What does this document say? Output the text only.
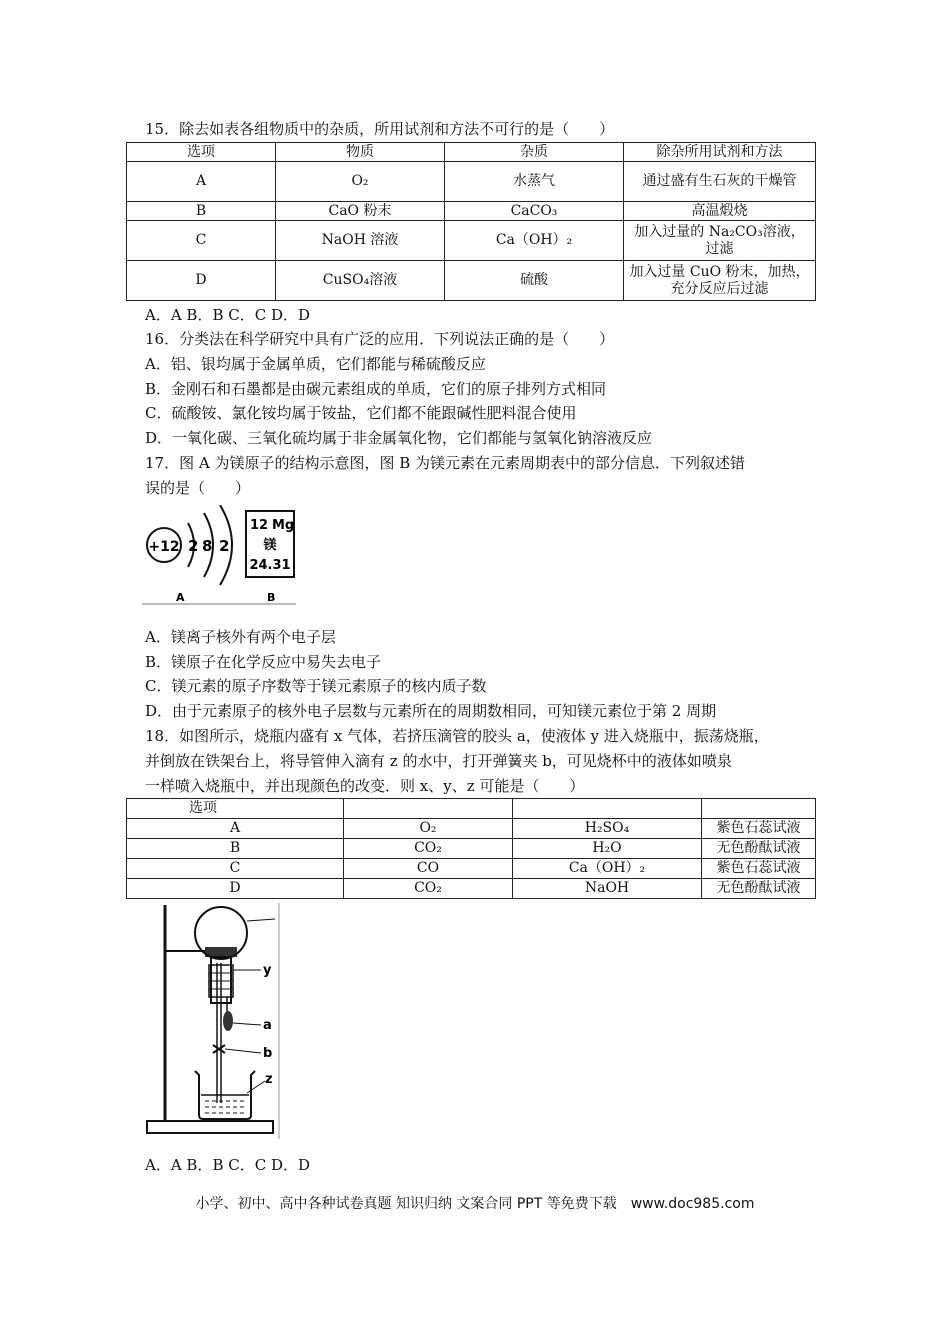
15．除去如表各组物质中的杂质，所用试剂和方法不可行的是（　　）
选项	物质	杂质	除杂所用试剂和方法
A	O₂	水蒸气	通过盛有生石灰的干燥管
B	CaO 粉末	CaCO₃	高温煅烧
C	NaOH 溶液	Ca（OH）₂	加入过量的 Na₂CO₃溶液，过滤
D	CuSO₄溶液	硫酸	加入过量 CuO 粉末，加热，充分反应后过滤
A．A B．B C．C D．D
16．分类法在科学研究中具有广泛的应用．下列说法正确的是（　　）
A．铝、银均属于金属单质，它们都能与稀硫酸反应
B．金刚石和石墨都是由碳元素组成的单质，它们的原子排列方式相同
C．硫酸铵、氯化铵均属于铵盐，它们都不能跟碱性肥料混合使用
D．一氧化碳、三氧化硫均属于非金属氧化物，它们都能与氢氧化钠溶液反应
17．图 A 为镁原子的结构示意图，图 B 为镁元素在元素周期表中的部分信息．下列叙述错
误的是（　　）
+12 2 8 2
12 Mg
镁
24.31
A	B
A．镁离子核外有两个电子层
B．镁原子在化学反应中易失去电子
C．镁元素的原子序数等于镁元素原子的核内质子数
D．由于元素原子的核外电子层数与元素所在的周期数相同，可知镁元素位于第 2 周期
18．如图所示，烧瓶内盛有 x 气体，若挤压滴管的胶头 a，使液体 y 进入烧瓶中，振荡烧瓶，
并倒放在铁架台上，将导管伸入滴有 z 的水中，打开弹簧夹 b，可见烧杯中的液体如喷泉
一样喷入烧瓶中，并出现颜色的改变．则 x、y、z 可能是（　　）
选项			
A	O₂	H₂SO₄	紫色石蕊试液
B	CO₂	H₂O	无色酚酞试液
C	CO	Ca（OH）₂	紫色石蕊试液
D	CO₂	NaOH	无色酚酞试液
y
a
b
z
A．A B．B C．C D．D
小学、初中、高中各种试卷真题 知识归纳 文案合同 PPT 等免费下载　www.doc985.com
